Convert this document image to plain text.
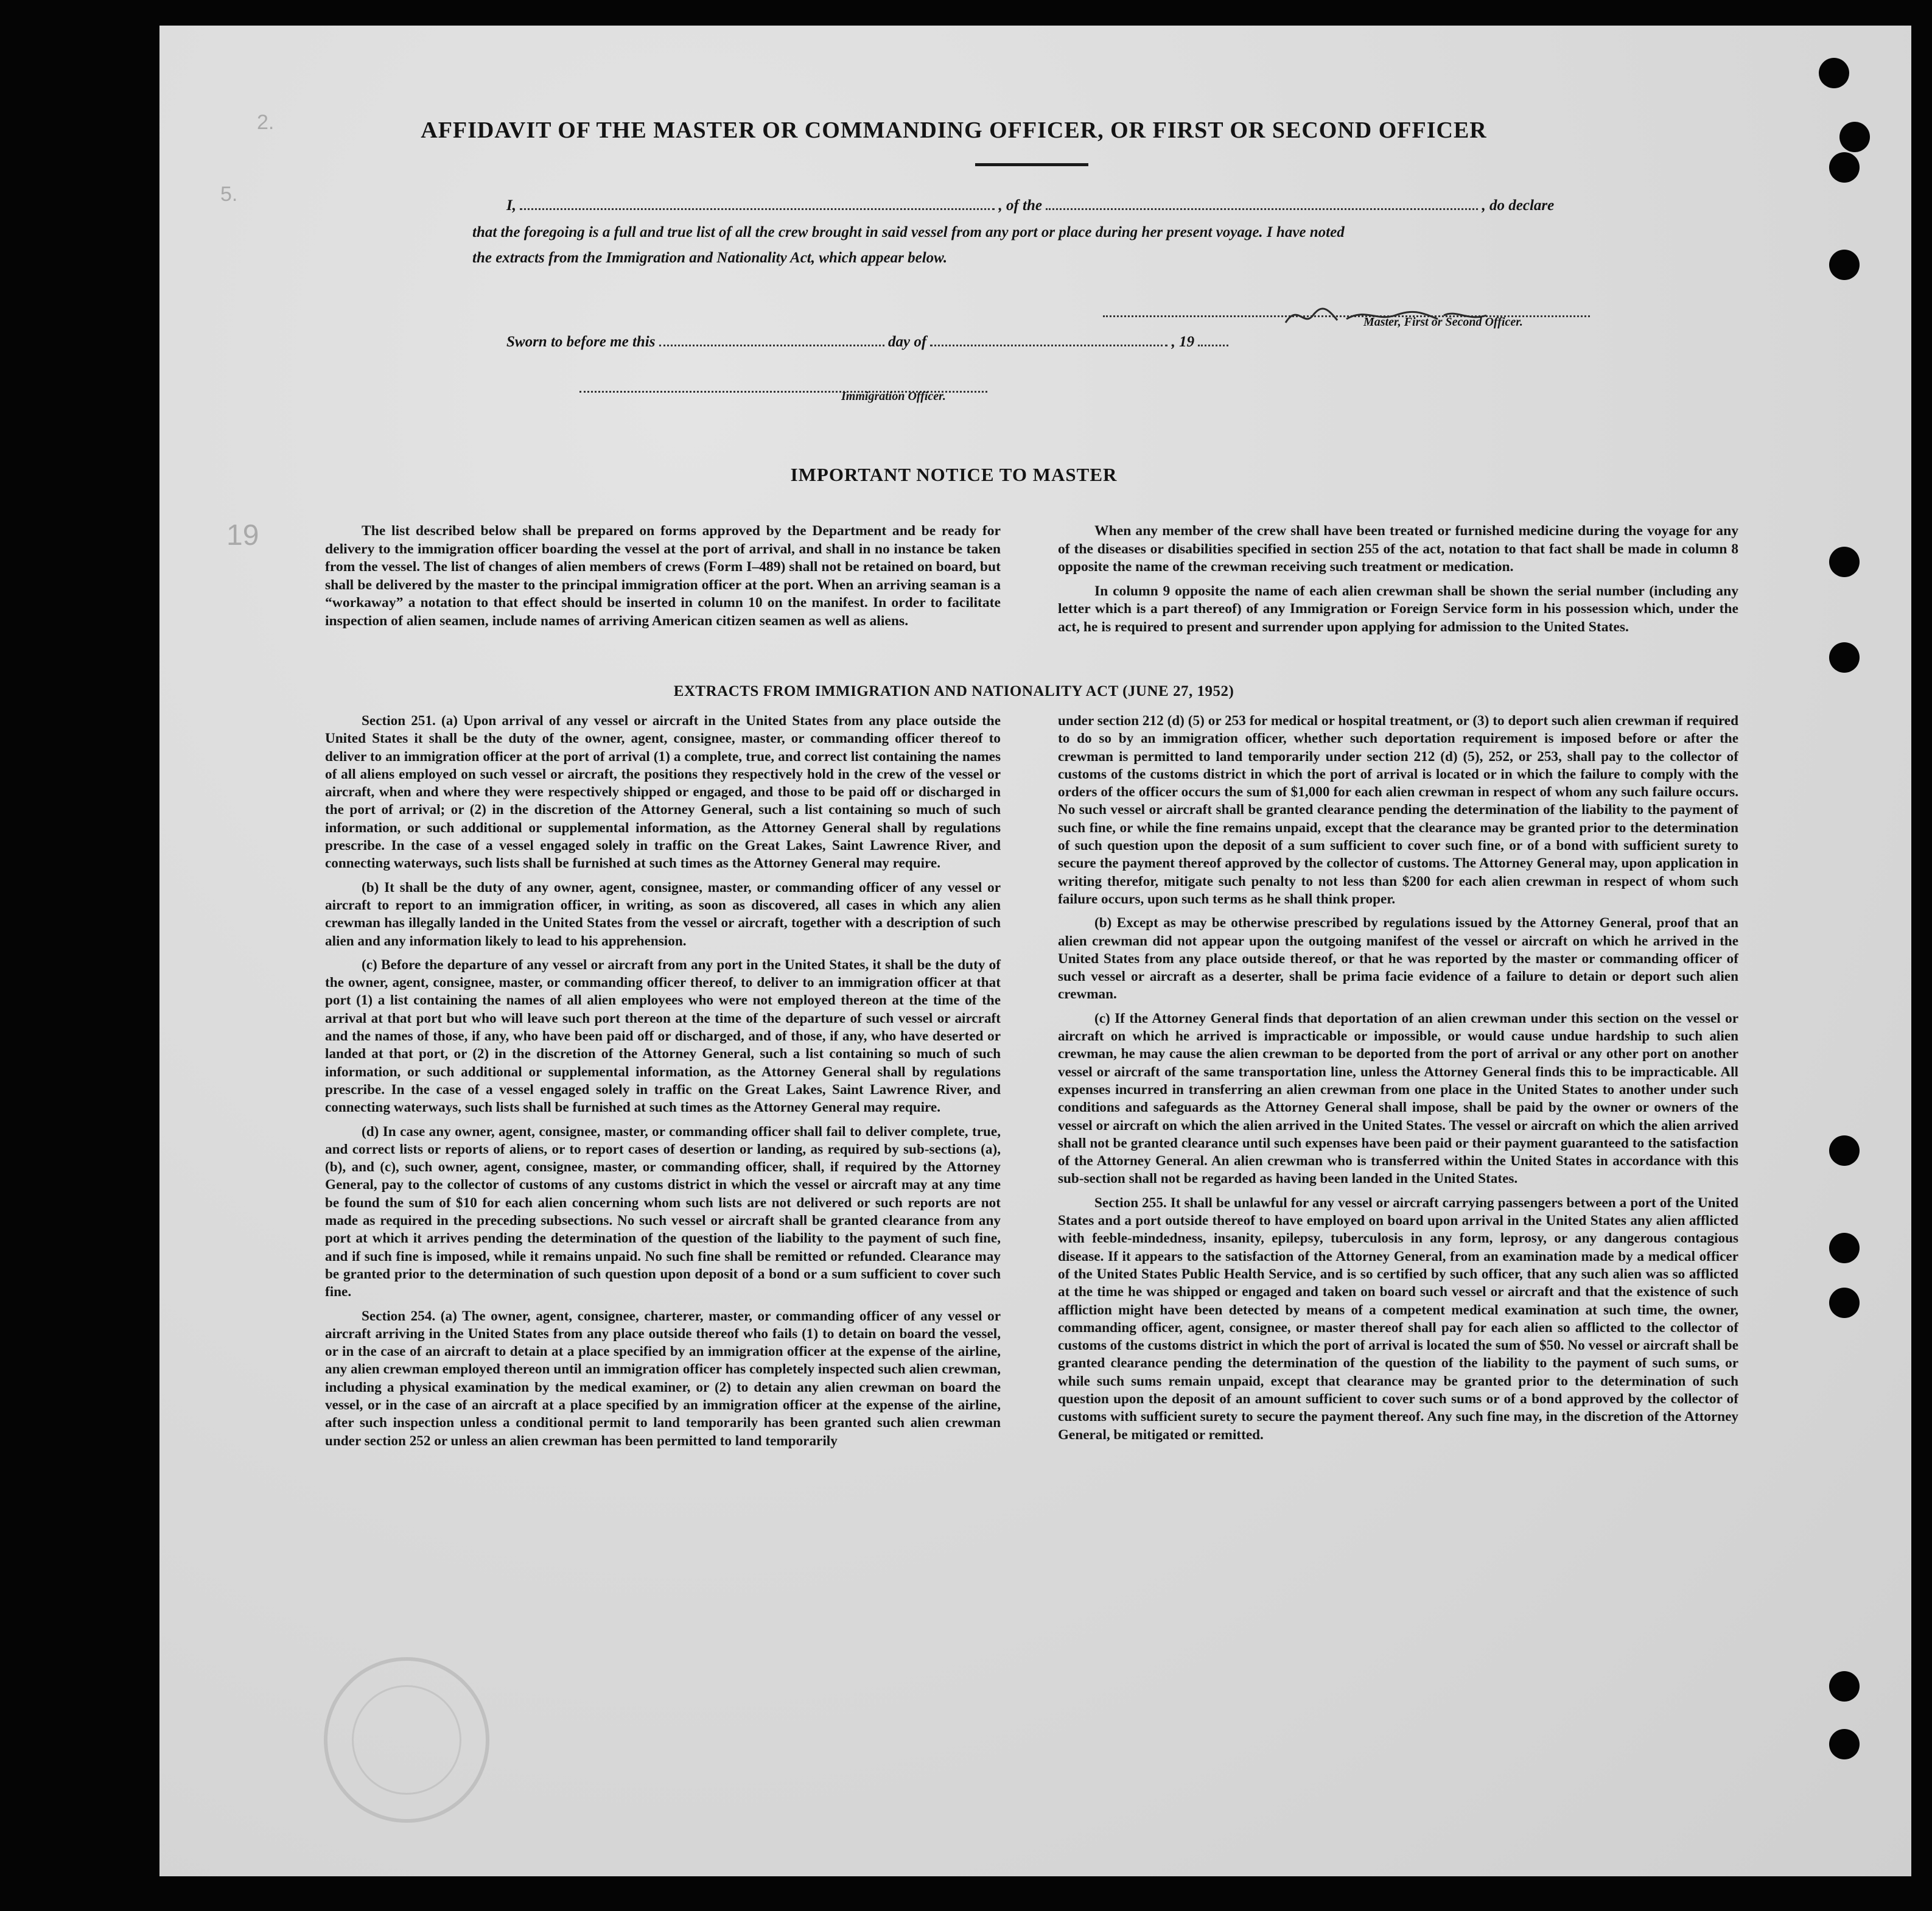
2.
5.
19
AFFIDAVIT OF THE MASTER OR COMMANDING OFFICER, OR FIRST OR SECOND OFFICER
I,	, of the	, do declare
that the foregoing is a full and true list of all the crew brought in said vessel from any port or place during her present voyage. I have noted
the extracts from the Immigration and Nationality Act, which appear below.
Master, First or Second Officer.
Sworn to before me this	day of	, 19
Immigration Officer.
IMPORTANT NOTICE TO MASTER

The list described below shall be prepared on forms approved by the Department and be ready for delivery to the immigration officer boarding the vessel at the port of arrival, and shall in no instance be taken from the vessel. The list of changes of alien members of crews (Form I–489) shall not be retained on board, but shall be delivered by the master to the principal immigration officer at the port. When an arriving seaman is a “workaway” a notation to that effect should be inserted in column 10 on the manifest. In order to facilitate inspection of alien seamen, include names of arriving American citizen seamen as well as aliens.

When any member of the crew shall have been treated or furnished medicine during the voyage for any of the diseases or disabilities specified in section 255 of the act, notation to that fact shall be made in column 8 opposite the name of the crewman receiving such treatment or medication.

In column 9 opposite the name of each alien crewman shall be shown the serial number (including any letter which is a part thereof) of any Immigration or Foreign Service form in his possession which, under the act, he is required to present and surrender upon applying for admission to the United States.

EXTRACTS FROM IMMIGRATION AND NATIONALITY ACT (JUNE 27, 1952)

Section 251. (a) Upon arrival of any vessel or aircraft in the United States from any place outside the United States it shall be the duty of the owner, agent, consignee, master, or commanding officer thereof to deliver to an immigration officer at the port of arrival (1) a complete, true, and correct list containing the names of all aliens employed on such vessel or aircraft, the positions they respectively hold in the crew of the vessel or aircraft, when and where they were respectively shipped or engaged, and those to be paid off or discharged in the port of arrival; or (2) in the discretion of the Attorney General, such a list containing so much of such information, or such additional or supplemental information, as the Attorney General shall by regulations prescribe. In the case of a vessel engaged solely in traffic on the Great Lakes, Saint Lawrence River, and connecting waterways, such lists shall be furnished at such times as the Attorney General may require.

(b) It shall be the duty of any owner, agent, consignee, master, or commanding officer of any vessel or aircraft to report to an immigration officer, in writing, as soon as discovered, all cases in which any alien crewman has illegally landed in the United States from the vessel or aircraft, together with a description of such alien and any information likely to lead to his apprehension.

(c) Before the departure of any vessel or aircraft from any port in the United States, it shall be the duty of the owner, agent, consignee, master, or commanding officer thereof, to deliver to an immigration officer at that port (1) a list containing the names of all alien employees who were not employed thereon at the time of the arrival at that port but who will leave such port thereon at the time of the departure of such vessel or aircraft and the names of those, if any, who have been paid off or discharged, and of those, if any, who have deserted or landed at that port, or (2) in the discretion of the Attorney General, such a list containing so much of such information, or such additional or supplemental information, as the Attorney General shall by regulations prescribe. In the case of a vessel engaged solely in traffic on the Great Lakes, Saint Lawrence River, and connecting waterways, such lists shall be furnished at such times as the Attorney General may require.

(d) In case any owner, agent, consignee, master, or commanding officer shall fail to deliver complete, true, and correct lists or reports of aliens, or to report cases of desertion or landing, as required by sub-sections (a), (b), and (c), such owner, agent, consignee, master, or commanding officer, shall, if required by the Attorney General, pay to the collector of customs of any customs district in which the vessel or aircraft may at any time be found the sum of $10 for each alien concerning whom such lists are not delivered or such reports are not made as required in the preceding subsections. No such vessel or aircraft shall be granted clearance from any port at which it arrives pending the determination of the question of the liability to the payment of such fine, and if such fine is imposed, while it remains unpaid. No such fine shall be remitted or refunded. Clearance may be granted prior to the determination of such question upon deposit of a bond or a sum sufficient to cover such fine.

Section 254. (a) The owner, agent, consignee, charterer, master, or commanding officer of any vessel or aircraft arriving in the United States from any place outside thereof who fails (1) to detain on board the vessel, or in the case of an aircraft to detain at a place specified by an immigration officer at the expense of the airline, any alien crewman employed thereon until an immigration officer has completely inspected such alien crewman, including a physical examination by the medical examiner, or (2) to detain any alien crewman on board the vessel, or in the case of an aircraft at a place specified by an immigration officer at the expense of the airline, after such inspection unless a conditional permit to land temporarily has been granted such alien crewman under section 252 or unless an alien crewman has been permitted to land temporarily

under section 212 (d) (5) or 253 for medical or hospital treatment, or (3) to deport such alien crewman if required to do so by an immigration officer, whether such deportation requirement is imposed before or after the crewman is permitted to land temporarily under section 212 (d) (5), 252, or 253, shall pay to the collector of customs of the customs district in which the port of arrival is located or in which the failure to comply with the orders of the officer occurs the sum of $1,000 for each alien crewman in respect of whom any such failure occurs. No such vessel or aircraft shall be granted clearance pending the determination of the liability to the payment of such fine, or while the fine remains unpaid, except that the clearance may be granted prior to the determination of such question upon the deposit of a sum sufficient to cover such fine, or of a bond with sufficient surety to secure the payment thereof approved by the collector of customs. The Attorney General may, upon application in writing therefor, mitigate such penalty to not less than $200 for each alien crewman in respect of whom such failure occurs, upon such terms as he shall think proper.

(b) Except as may be otherwise prescribed by regulations issued by the Attorney General, proof that an alien crewman did not appear upon the outgoing manifest of the vessel or aircraft on which he arrived in the United States from any place outside thereof, or that he was reported by the master or commanding officer of such vessel or aircraft as a deserter, shall be prima facie evidence of a failure to detain or deport such alien crewman.

(c) If the Attorney General finds that deportation of an alien crewman under this section on the vessel or aircraft on which he arrived is impracticable or impossible, or would cause undue hardship to such alien crewman, he may cause the alien crewman to be deported from the port of arrival or any other port on another vessel or aircraft of the same transportation line, unless the Attorney General finds this to be impracticable. All expenses incurred in transferring an alien crewman from one place in the United States to another under such conditions and safeguards as the Attorney General shall impose, shall be paid by the owner or owners of the vessel or aircraft on which the alien arrived in the United States. The vessel or aircraft on which the alien arrived shall not be granted clearance until such expenses have been paid or their payment guaranteed to the satisfaction of the Attorney General. An alien crewman who is transferred within the United States in accordance with this sub-section shall not be regarded as having been landed in the United States.

Section 255. It shall be unlawful for any vessel or aircraft carrying passengers between a port of the United States and a port outside thereof to have employed on board upon arrival in the United States any alien afflicted with feeble-mindedness, insanity, epilepsy, tuberculosis in any form, leprosy, or any dangerous contagious disease. If it appears to the satisfaction of the Attorney General, from an examination made by a medical officer of the United States Public Health Service, and is so certified by such officer, that any such alien was so afflicted at the time he was shipped or engaged and taken on board such vessel or aircraft and that the existence of such affliction might have been detected by means of a competent medical examination at such time, the owner, commanding officer, agent, consignee, or master thereof shall pay for each alien so afflicted to the collector of customs of the customs district in which the port of arrival is located the sum of $50. No vessel or aircraft shall be granted clearance pending the determination of the question of the liability to the payment of such sums, or while such sums remain unpaid, except that clearance may be granted prior to the determination of such question upon the deposit of an amount sufficient to cover such sums or of a bond approved by the collector of customs with sufficient surety to secure the payment thereof. Any such fine may, in the discretion of the Attorney General, be mitigated or remitted.
